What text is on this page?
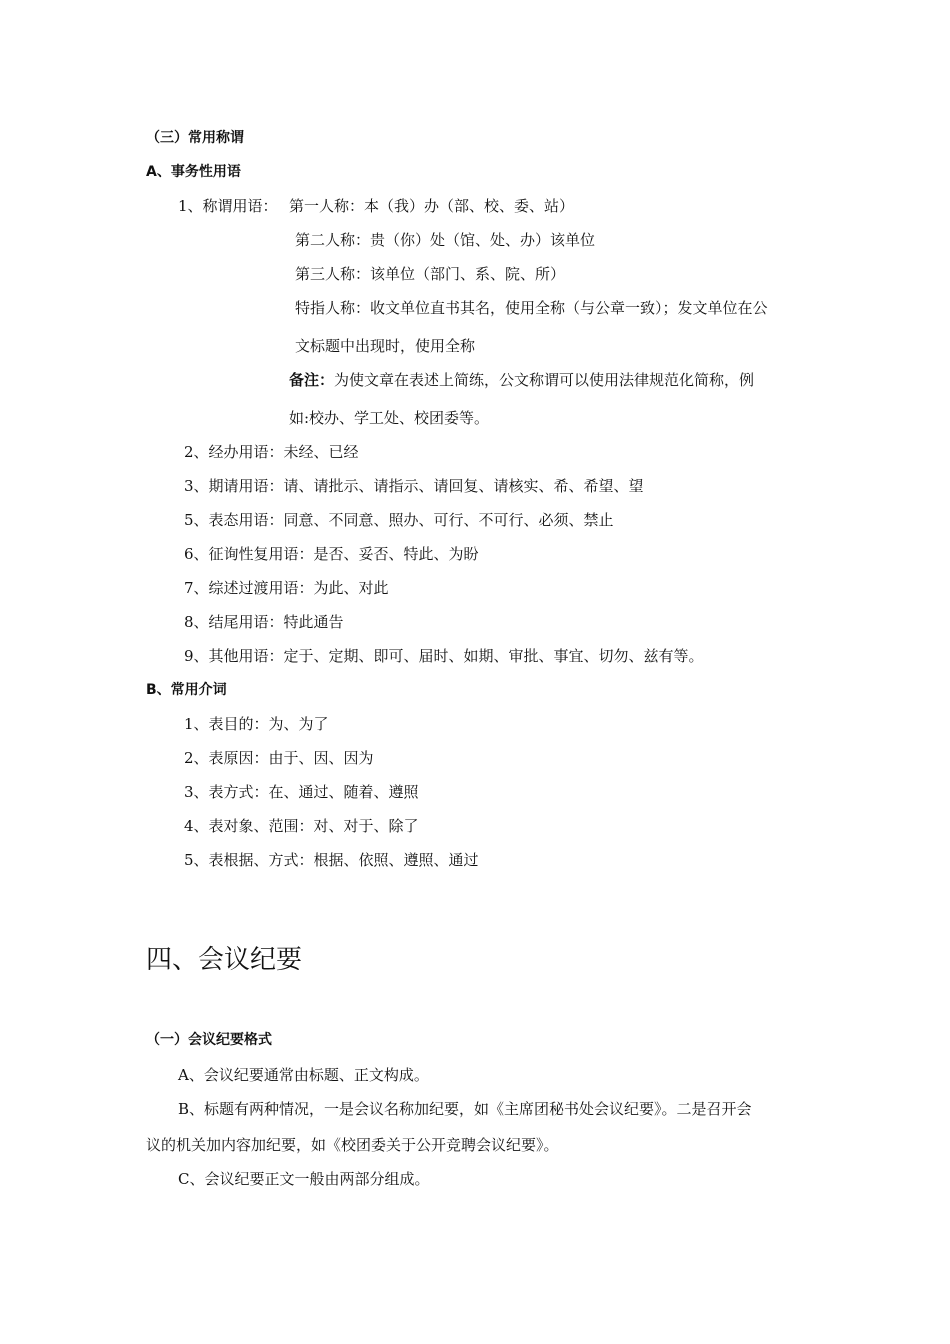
（三）常用称谓
A、事务性用语
1、称谓用语： 第一人称：本（我）办（部、校、委、站）
第二人称：贵（你）处（馆、处、办）该单位
第三人称：该单位（部门、系、院、所）
特指人称：收文单位直书其名，使用全称（与公章一致）；发文单位在公
文标题中出现时，使用全称
备注：为使文章在表述上简练，公文称谓可以使用法律规范化简称，例
如:校办、学工处、校团委等。
2、经办用语：未经、已经
3、期请用语：请、请批示、请指示、请回复、请核实、希、希望、望
5、表态用语：同意、不同意、照办、可行、不可行、必须、禁止
6、征询性复用语：是否、妥否、特此、为盼
7、综述过渡用语：为此、对此
8、结尾用语：特此通告
9、其他用语：定于、定期、即可、届时、如期、审批、事宜、切勿、兹有等。
B、常用介词
1、表目的：为、为了
2、表原因：由于、因、因为
3、表方式：在、通过、随着、遵照
4、表对象、范围：对、对于、除了
5、表根据、方式：根据、依照、遵照、通过
四、会议纪要
（一）会议纪要格式
A、会议纪要通常由标题、正文构成。
B、标题有两种情况，一是会议名称加纪要，如《主席团秘书处会议纪要》。二是召开会
议的机关加内容加纪要，如《校团委关于公开竞聘会议纪要》。
C、会议纪要正文一般由两部分组成。
